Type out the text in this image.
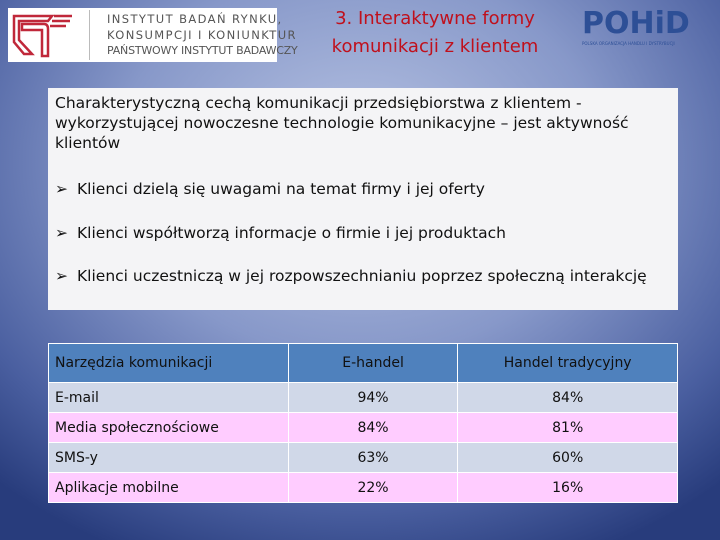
INSTYTUT BADAŃ RYNKU,
KONSUMPCJI I KONIUNKTUR
PAŃSTWOWY INSTYTUT BADAWCZY
3. Interaktywne formy
komunikacji z klientem
POHiD
POLSKA ORGANIZACJA HANDLU I DYSTRYBUCJI
Charakterystyczną cechą komunikacji przedsiębiorstwa z klientem - wykorzystującej nowoczesne technologie komunikacyjne – jest aktywność klientów
➢ Klienci dzielą się uwagami na temat firmy i jej oferty
➢ Klienci współtworzą informacje o firmie i jej produktach
➢ Klienci uczestniczą w jej rozpowszechnianiu poprzez społeczną interakcję
Narzędzia komunikacji	E-handel	Handel tradycyjny
E-mail	94%	84%
Media społecznościowe	84%	81%
SMS-y	63%	60%
Aplikacje mobilne	22%	16%
